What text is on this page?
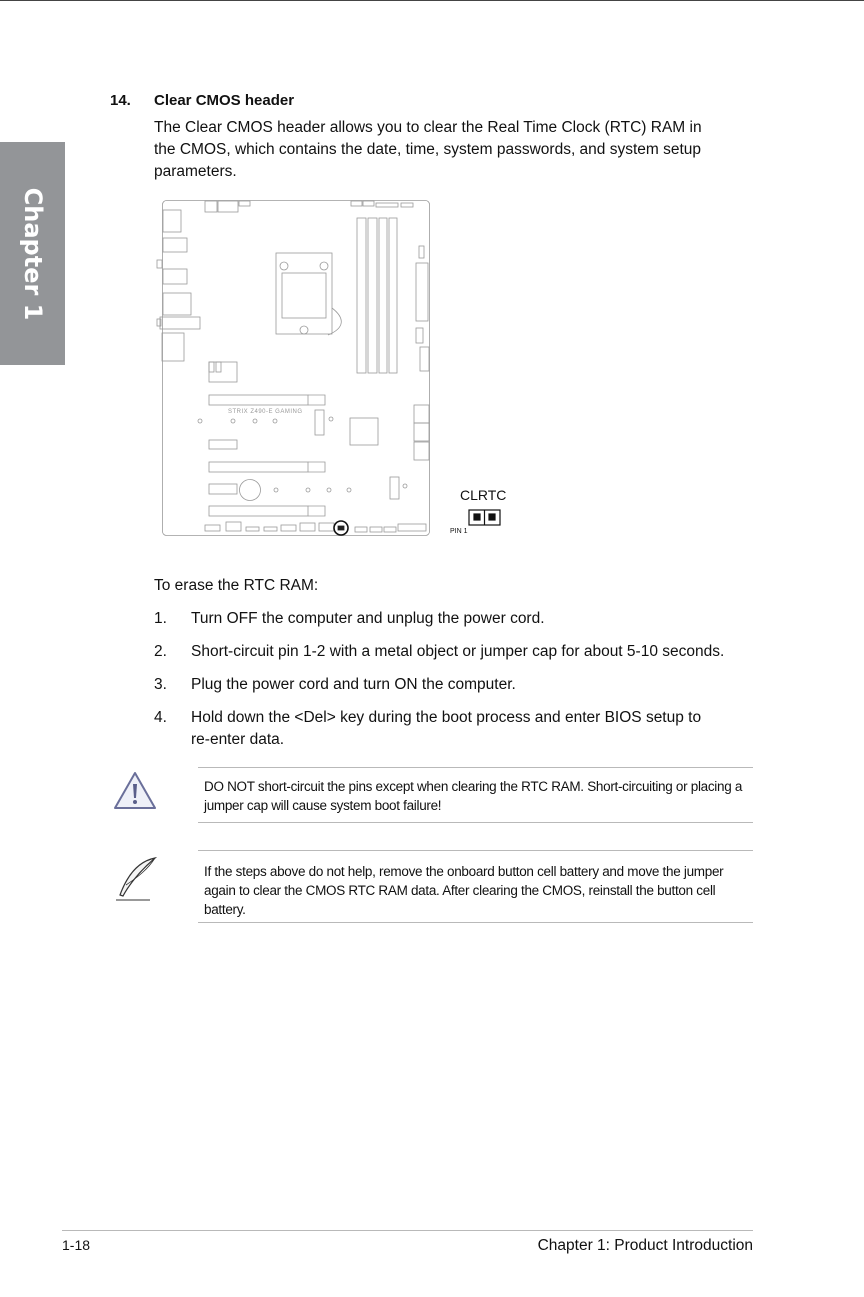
Chapter 1
14. Clear CMOS header
The Clear CMOS header allows you to clear the Real Time Clock (RTC) RAM in the CMOS, which contains the date, time, system passwords, and system setup parameters.
STRIX Z490-E GAMING
CLRTC
PIN 1
To erase the RTC RAM:
1. Turn OFF the computer and unplug the power cord.
2. Short-circuit pin 1-2 with a metal object or jumper cap for about 5-10 seconds.
3. Plug the power cord and turn ON the computer.
4. Hold down the <Del> key during the boot process and enter BIOS setup to re-enter data.
DO NOT short-circuit the pins except when clearing the RTC RAM. Short-circuiting or placing a jumper cap will cause system boot failure!
If the steps above do not help, remove the onboard button cell battery and move the jumper again to clear the CMOS RTC RAM data. After clearing the CMOS, reinstall the button cell battery.
1-18	Chapter 1: Product Introduction
